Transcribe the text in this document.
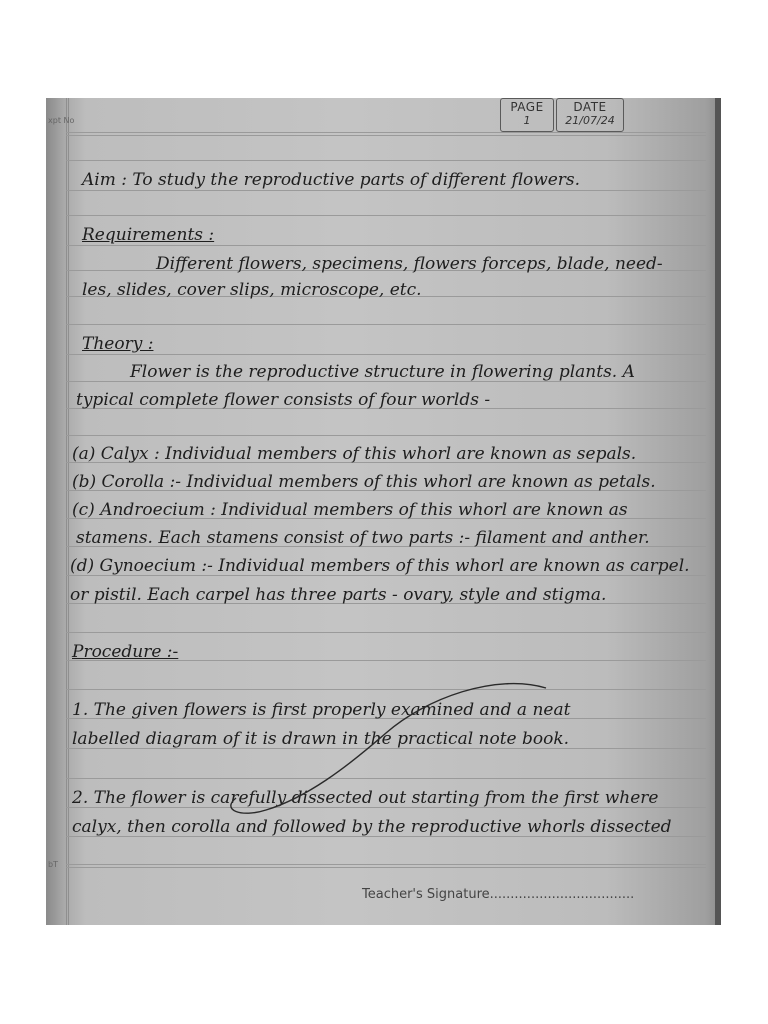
PAGE
1
DATE
21/07/24
xpt No
bT
Aim : To study the reproductive parts of different flowers.
Requirements :
Different flowers, specimens, flowers forceps, blade, need-
les, slides, cover slips, microscope, etc.
Theory :
Flower is the reproductive structure in flowering plants. A
typical complete flower consists of four worlds -
(a) Calyx : Individual members of this whorl are known as sepals.
(b) Corolla :- Individual members of this whorl are known as petals.
(c) Androecium : Individual members of this whorl are known as
stamens. Each stamens consist of two parts :- filament and anther.
(d) Gynoecium :- Individual members of this whorl are known as carpel.
or pistil. Each carpel has three parts - ovary, style and stigma.
Procedure :-
1. The given flowers is first properly examined and a neat
labelled diagram of it is drawn in the practical note book.
2. The flower is carefully dissected out starting from the first where
calyx, then corolla and followed by the reproductive whorls dissected
Teacher's Signature...................................
